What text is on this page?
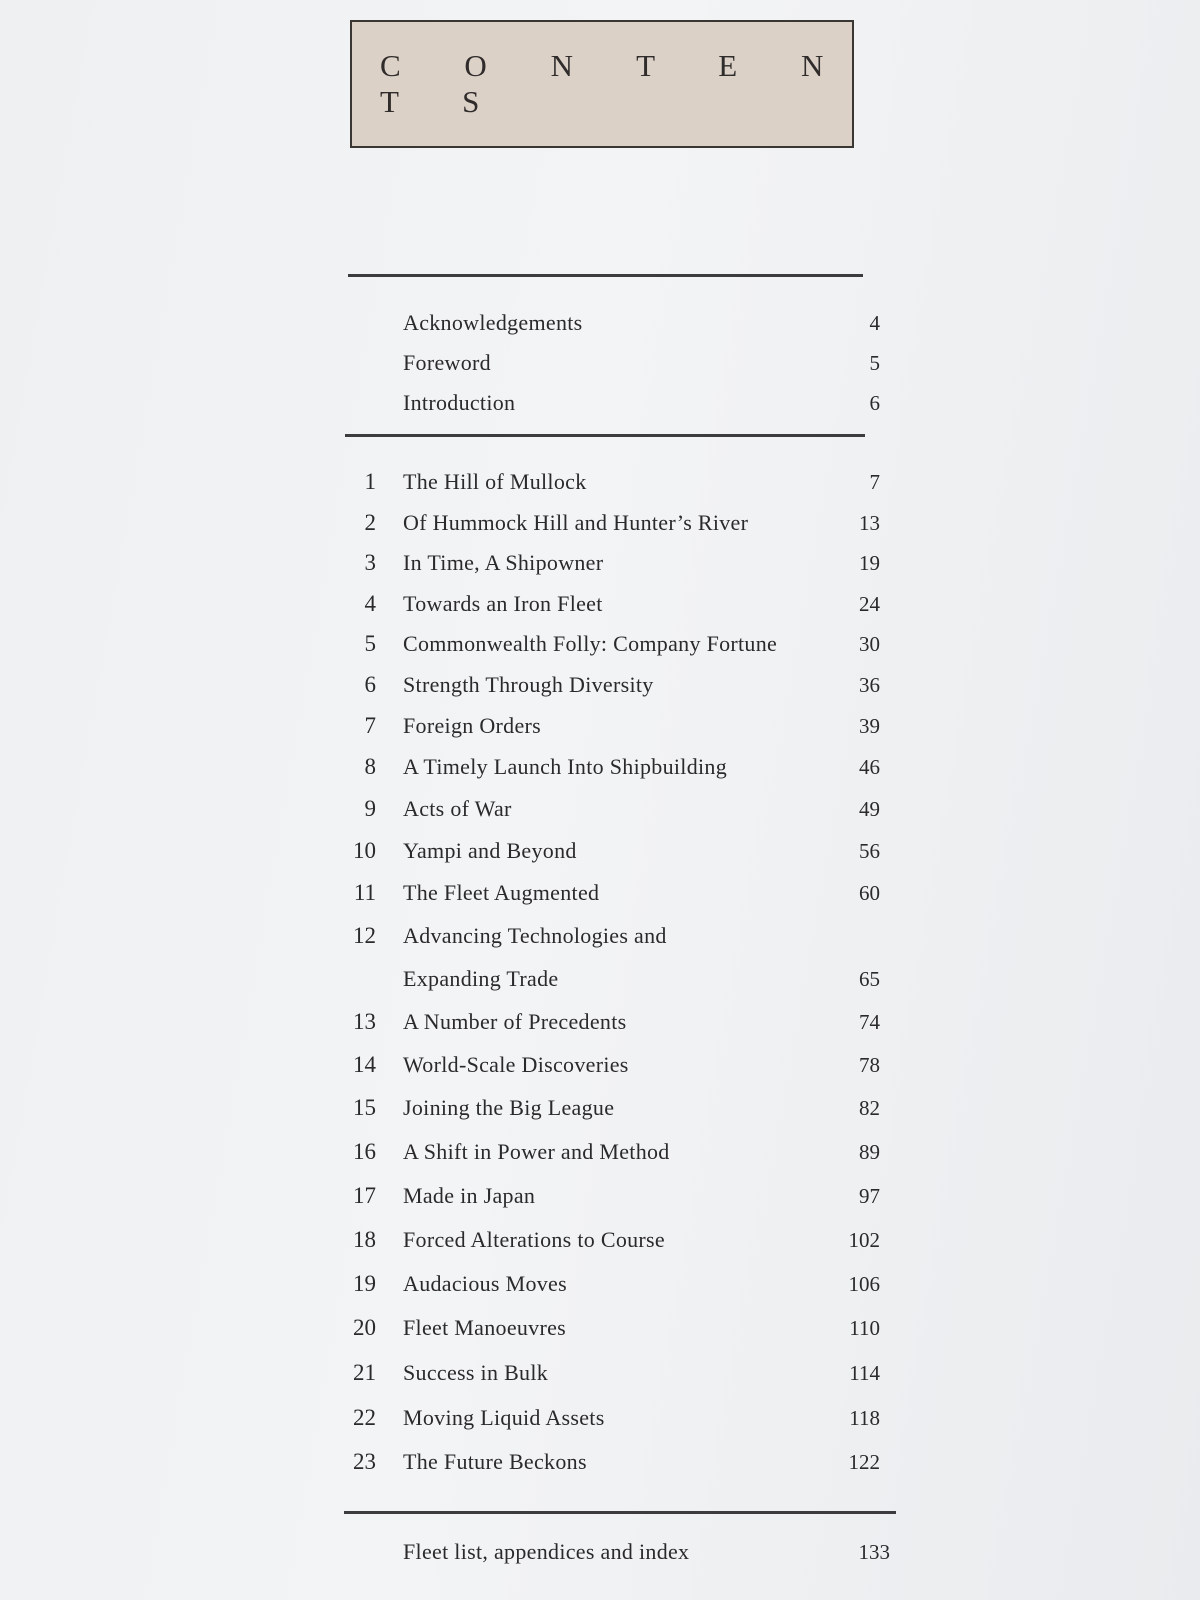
C O N T E N T S
Acknowledgements	4
Foreword	5
Introduction	6
1 The Hill of Mullock	7
2 Of Hummock Hill and Hunter’s River	13
3 In Time, A Shipowner	19
4 Towards an Iron Fleet	24
5 Commonwealth Folly: Company Fortune	30
6 Strength Through Diversity	36
7 Foreign Orders	39
8 A Timely Launch Into Shipbuilding	46
9 Acts of War	49
10 Yampi and Beyond	56
11 The Fleet Augmented	60
12 Advancing Technologies and
Expanding Trade	65
13 A Number of Precedents	74
14 World-Scale Discoveries	78
15 Joining the Big League	82
16 A Shift in Power and Method	89
17 Made in Japan	97
18 Forced Alterations to Course	102
19 Audacious Moves	106
20 Fleet Manoeuvres	110
21 Success in Bulk	114
22 Moving Liquid Assets	118
23 The Future Beckons	122
Fleet list, appendices and index	133
